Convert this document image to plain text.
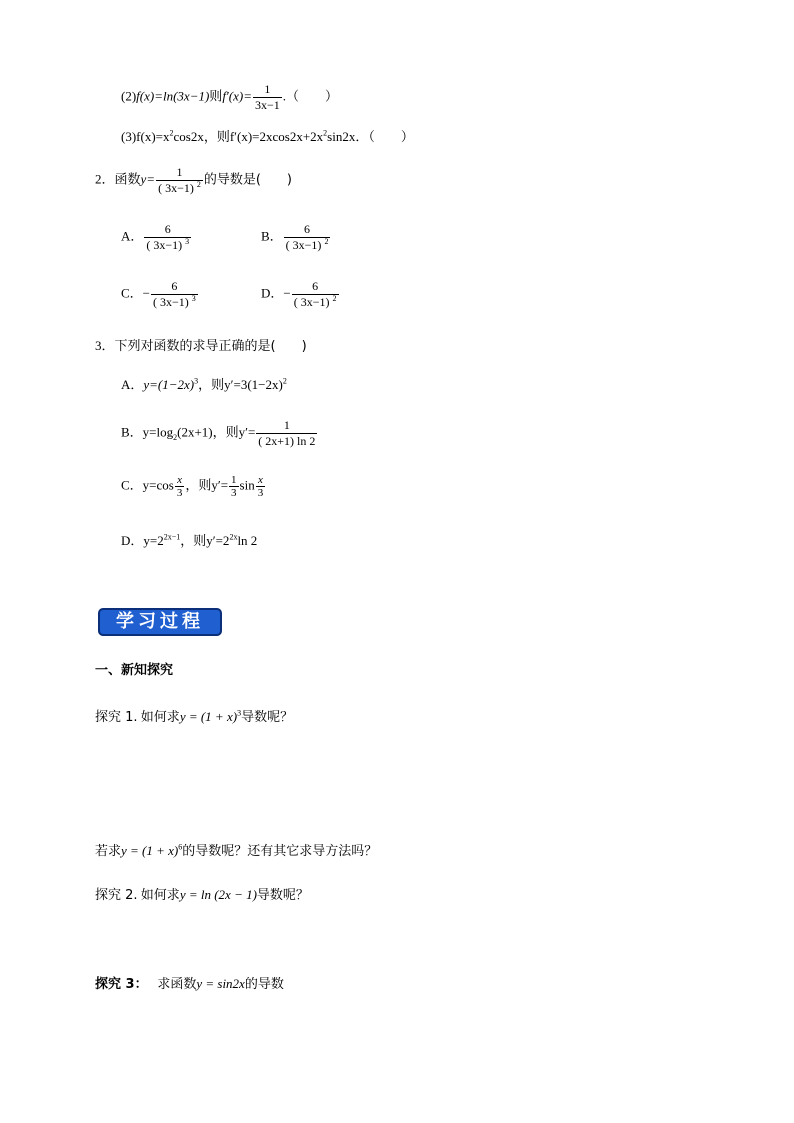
(2)f(x)=ln(3x−1)则$f'(x)= \frac{1}{3x-1}$ .（　　）
$(3)f(x)=x^2\cos 2x$，则$f'(x)=2xcos2x+2x^2\sin 2x$．（　　）
2．函数$y= \frac{1}{( 3x-1) ^2}$ 的导数是(　　)
A． $\frac{6}{( 3x-1) ^3}$	B． $\frac{6}{( 3x-1) ^2}$
C．− $\frac{6}{( 3x-1) ^3}$	D．− $\frac{6}{( 3x-1) ^2}$
3．下列对函数的求导正确的是(　　)
A．$y=(1-2x)^3$，则$y'=3(1-2x)^2$
B．$y=\log_2(2x+1)$，则$y'= \frac{1}{( 2x+1) \ln 2}$
C．$y=\cos \frac{x}{3}$ ，则$y'= \frac{1}{3}$ $\sin \frac{x}{3}$
D．$y=2^{2x-1}$，则$y'=2^{2x}\ln$ 2
学习过程
一、新知探究
探究 1. 如何求$y = (1 + x)^3$导数呢？
若求$y = (1 + x)^6$的导数呢？还有其它求导方法吗？
探究 2. 如何求y = ln (2x − 1)导数呢？
探究 3： 求函数y = sin2x的导数
